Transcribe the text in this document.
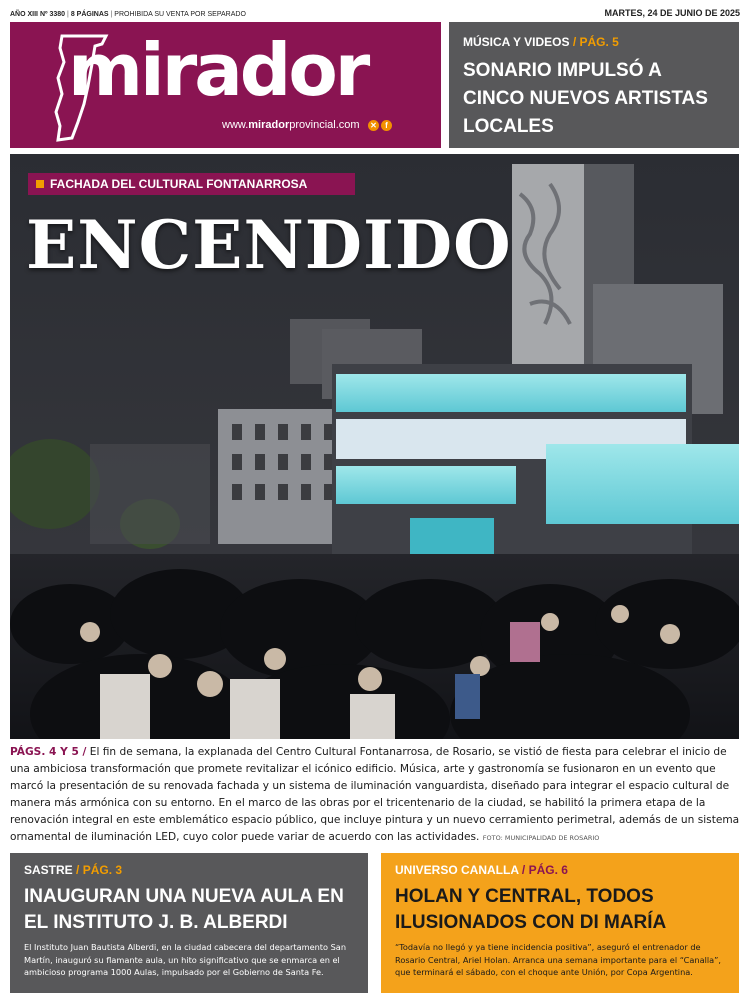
AÑO XIII Nº 3380 | 8 PÁGINAS | PROHIBIDA SU VENTA POR SEPARADO	MARTES, 24 DE JUNIO DE 2025
mirador
www.miradorprovincial.com ✕ f
MÚSICA Y VIDEOS / PÁG. 5
SONARIO IMPULSÓ A CINCO NUEVOS ARTISTAS LOCALES
FACHADA DEL CULTURAL FONTANARROSA
ENCENDIDO
PÁGS. 4 Y 5 / El fin de semana, la explanada del Centro Cultural Fontanarrosa, de Rosario, se vistió de fiesta para celebrar el inicio de una ambiciosa transformación que promete revitalizar el icónico edificio. Música, arte y gastronomía se fusionaron en un evento que marcó la presentación de su renovada fachada y un sistema de iluminación vanguardista, diseñado para integrar el espacio cultural de manera más armónica con su entorno. En el marco de las obras por el tricentenario de la ciudad, se habilitó la primera etapa de la renovación integral en este emblemático espacio público, que incluye pintura y un nuevo cerramiento perimetral, además de un sistema ornamental de iluminación LED, cuyo color puede variar de acuerdo con las actividades. FOTO: MUNICIPALIDAD DE ROSARIO
SASTRE / PÁG. 3
INAUGURAN UNA NUEVA AULA EN EL INSTITUTO J. B. ALBERDI
El Instituto Juan Bautista Alberdi, en la ciudad cabecera del departamento San Martín, inauguró su flamante aula, un hito significativo que se enmarca en el ambicioso programa 1000 Aulas, impulsado por el Gobierno de Santa Fe.
UNIVERSO CANALLA / PÁG. 6
HOLAN Y CENTRAL, TODOS ILUSIONADOS CON DI MARÍA
“Todavía no llegó y ya tiene incidencia positiva”, aseguró el entrenador de Rosario Central, Ariel Holan. Arranca una semana importante para el “Canalla”, que terminará el sábado, con el choque ante Unión, por Copa Argentina.
